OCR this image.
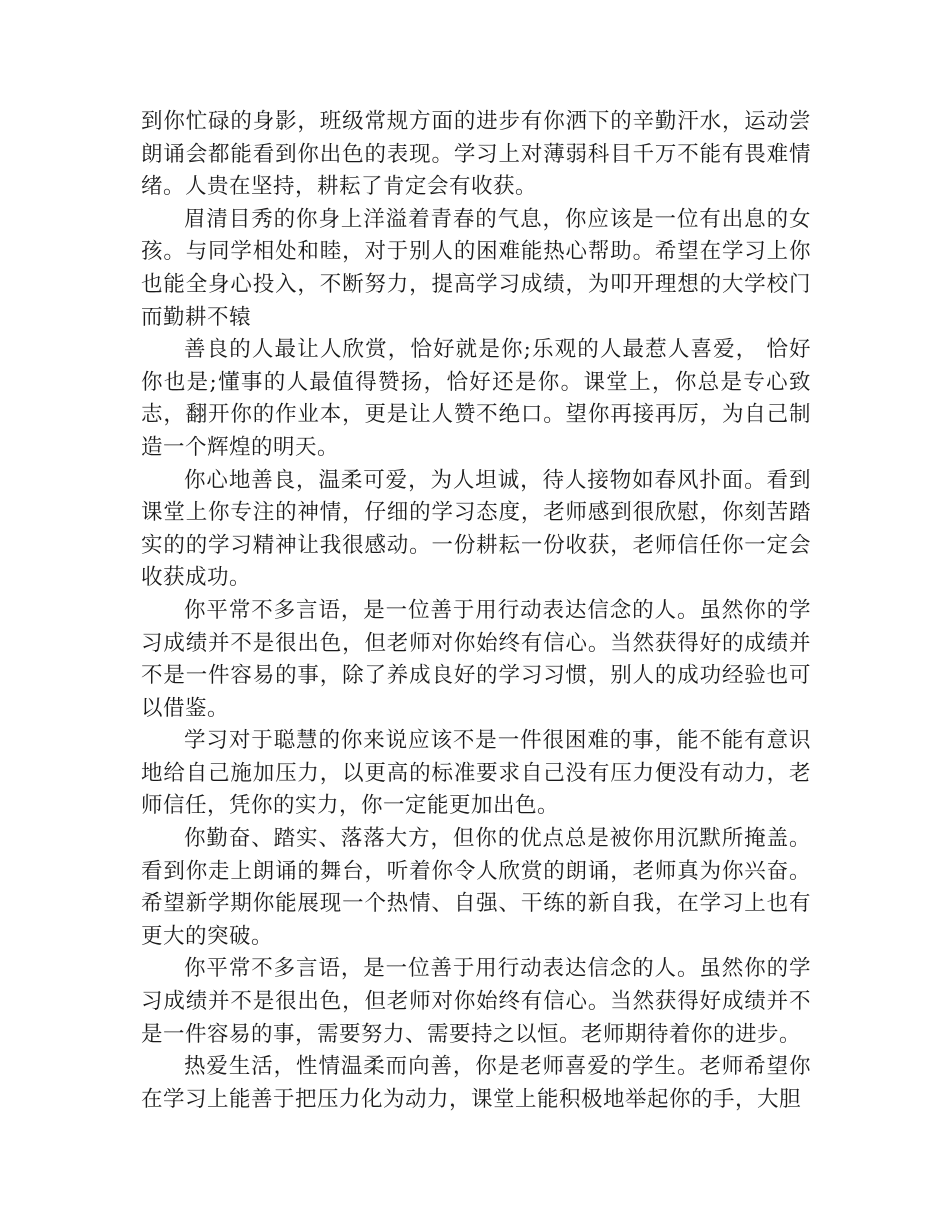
到你忙碌的身影，班级常规方面的进步有你洒下的辛勤汗水，运动尝朗诵会都能看到你出色的表现。学习上对薄弱科目千万不能有畏难情绪。人贵在坚持，耕耘了肯定会有收获。

眉清目秀的你身上洋溢着青春的气息，你应该是一位有出息的女孩。与同学相处和睦，对于别人的困难能热心帮助。希望在学习上你也能全身心投入，不断努力，提高学习成绩，为叩开理想的大学校门而勤耕不辕

善良的人最让人欣赏，恰好就是你;乐观的人最惹人喜爱， 恰好你也是;懂事的人最值得赞扬，恰好还是你。课堂上，你总是专心致志，翻开你的作业本，更是让人赞不绝口。望你再接再厉，为自己制造一个辉煌的明天。

你心地善良，温柔可爱，为人坦诚，待人接物如春风扑面。看到课堂上你专注的神情，仔细的学习态度，老师感到很欣慰，你刻苦踏实的的学习精神让我很感动。一份耕耘一份收获，老师信任你一定会收获成功。

你平常不多言语，是一位善于用行动表达信念的人。虽然你的学习成绩并不是很出色，但老师对你始终有信心。当然获得好的成绩并不是一件容易的事，除了养成良好的学习习惯，别人的成功经验也可以借鉴。

学习对于聪慧的你来说应该不是一件很困难的事，能不能有意识地给自己施加压力，以更高的标准要求自己没有压力便没有动力，老师信任，凭你的实力，你一定能更加出色。

你勤奋、踏实、落落大方，但你的优点总是被你用沉默所掩盖。看到你走上朗诵的舞台，听着你令人欣赏的朗诵，老师真为你兴奋。希望新学期你能展现一个热情、自强、干练的新自我，在学习上也有更大的突破。

你平常不多言语，是一位善于用行动表达信念的人。虽然你的学习成绩并不是很出色，但老师对你始终有信心。当然获得好成绩并不是一件容易的事，需要努力、需要持之以恒。老师期待着你的进步。

热爱生活，性情温柔而向善，你是老师喜爱的学生。老师希望你在学习上能善于把压力化为动力，课堂上能积极地举起你的手，大胆
